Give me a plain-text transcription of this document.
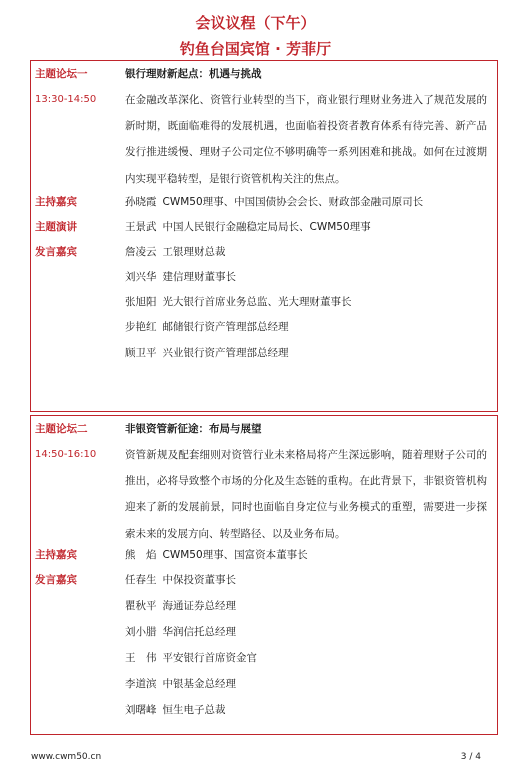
会议议程（下午）
钓鱼台国宾馆 · 芳菲厅
主题论坛一	银行理财新起点：机遇与挑战
13:30-14:50	在金融改革深化、资管行业转型的当下，商业银行理财业务进入了规范发展的新时期，既面临难得的发展机遇，也面临着投资者教育体系有待完善、新产品发行推进缓慢、理财子公司定位不够明确等一系列困难和挑战。如何在过渡期内实现平稳转型，是银行资管机构关注的焦点。

主持嘉宾	孙晓霞 CWM50理事、中国国债协会会长、财政部金融司原司长
主题演讲	王景武 中国人民银行金融稳定局局长、CWM50理事
发言嘉宾	詹凌云 工银理财总裁
刘兴华 建信理财董事长
张旭阳 光大银行首席业务总监、光大理财董事长
步艳红 邮储银行资产管理部总经理
顾卫平 兴业银行资产管理部总经理
主题论坛二	非银资管新征途：布局与展望
14:50-16:10	资管新规及配套细则对资管行业未来格局将产生深远影响，随着理财子公司的推出，必将导致整个市场的分化及生态链的重构。在此背景下，非银资管机构迎来了新的发展前景，同时也面临自身定位与业务模式的重塑，需要进一步探索未来的发展方向、转型路径、以及业务布局。

主持嘉宾	熊　焰 CWM50理事、国富资本董事长
发言嘉宾	任春生 中保投资董事长
瞿秋平 海通证券总经理
刘小腊 华润信托总经理
王　伟 平安银行首席资金官
李道滨 中银基金总经理
刘曙峰 恒生电子总裁
www.cwm50.cn	3 / 4
